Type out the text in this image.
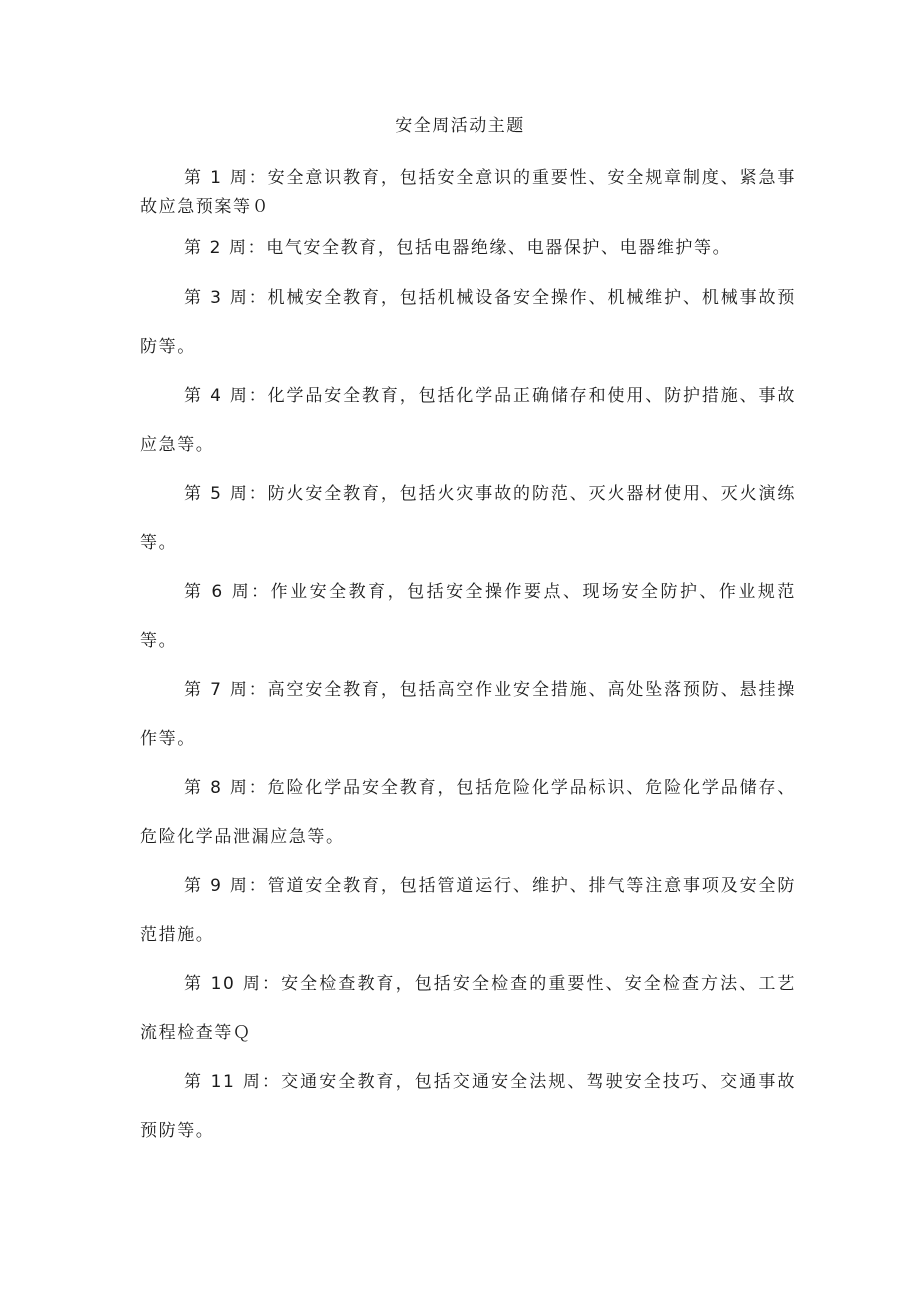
安全周活动主题

第 1 周：安全意识教育，包括安全意识的重要性、安全规章制度、紧急事故应急预案等０

第 2 周：电气安全教育，包括电器绝缘、电器保护、电器维护等。

第 3 周：机械安全教育，包括机械设备安全操作、机械维护、机械事故预防等。

第 4 周：化学品安全教育，包括化学品正确储存和使用、防护措施、事故应急等。

第 5 周：防火安全教育，包括火灾事故的防范、灭火器材使用、灭火演练等。

第 6 周：作业安全教育，包括安全操作要点、现场安全防护、作业规范等。

第 7 周：高空安全教育，包括高空作业安全措施、高处坠落预防、悬挂操作等。

第 8 周：危险化学品安全教育，包括危险化学品标识、危险化学品储存、危险化学品泄漏应急等。

第 9 周：管道安全教育，包括管道运行、维护、排气等注意事项及安全防范措施。

第 10 周：安全检查教育，包括安全检查的重要性、安全检查方法、工艺流程检查等Ｑ

第 11 周：交通安全教育，包括交通安全法规、驾驶安全技巧、交通事故预防等。
